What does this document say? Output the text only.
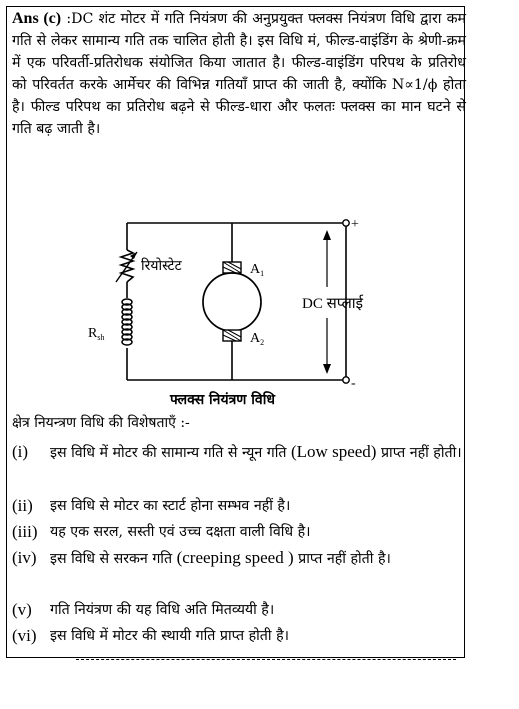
Ans (c) :DC शंट मोटर में गति नियंत्रण की अनुप्रयुक्त फ्लक्स नियंत्रण विधि द्वारा कम गति से लेकर सामान्य गति तक चालित होती है। इस विधि मं, फील्ड-वाइंडिंग के श्रेणी-क्रम में एक परिवर्ती-प्रतिरोधक संयोजित किया जातात है। फील्ड-वाइंडिंग परिपथ के प्रतिरोध को परिवर्तत करके आर्मेचर की विभिन्न गतियाँ प्राप्त की जाती है, क्योंकि N∝1/ϕ होता है। फील्ड परिपथ का प्रतिरोध बढ़ने से फील्ड-धारा और फलतः फ्लक्स का मान घटने से गति बढ़ जाती है।
रियोस्टेट
$R_{sh}$
$A_1$
$A_2$
DC सप्लाई
+
-
फ्लक्स नियंत्रण विधि
क्षेत्र नियन्त्रण विधि की विशेषताएँ :-
(i) इस विधि में मोटर की सामान्य गति से न्यून गति (Low speed) प्राप्त नहीं होती।
(ii) इस विधि से मोटर का स्टार्ट होना सम्भव नहीं है।
(iii) यह एक सरल, सस्ती एवं उच्च दक्षता वाली विधि है।
(iv) इस विधि से सरकन गति (creeping speed ) प्राप्त नहीं होती है।
(v) गति नियंत्रण की यह विधि अति मितव्ययी है।
(vi) इस विधि में मोटर की स्थायी गति प्राप्त होती है।
